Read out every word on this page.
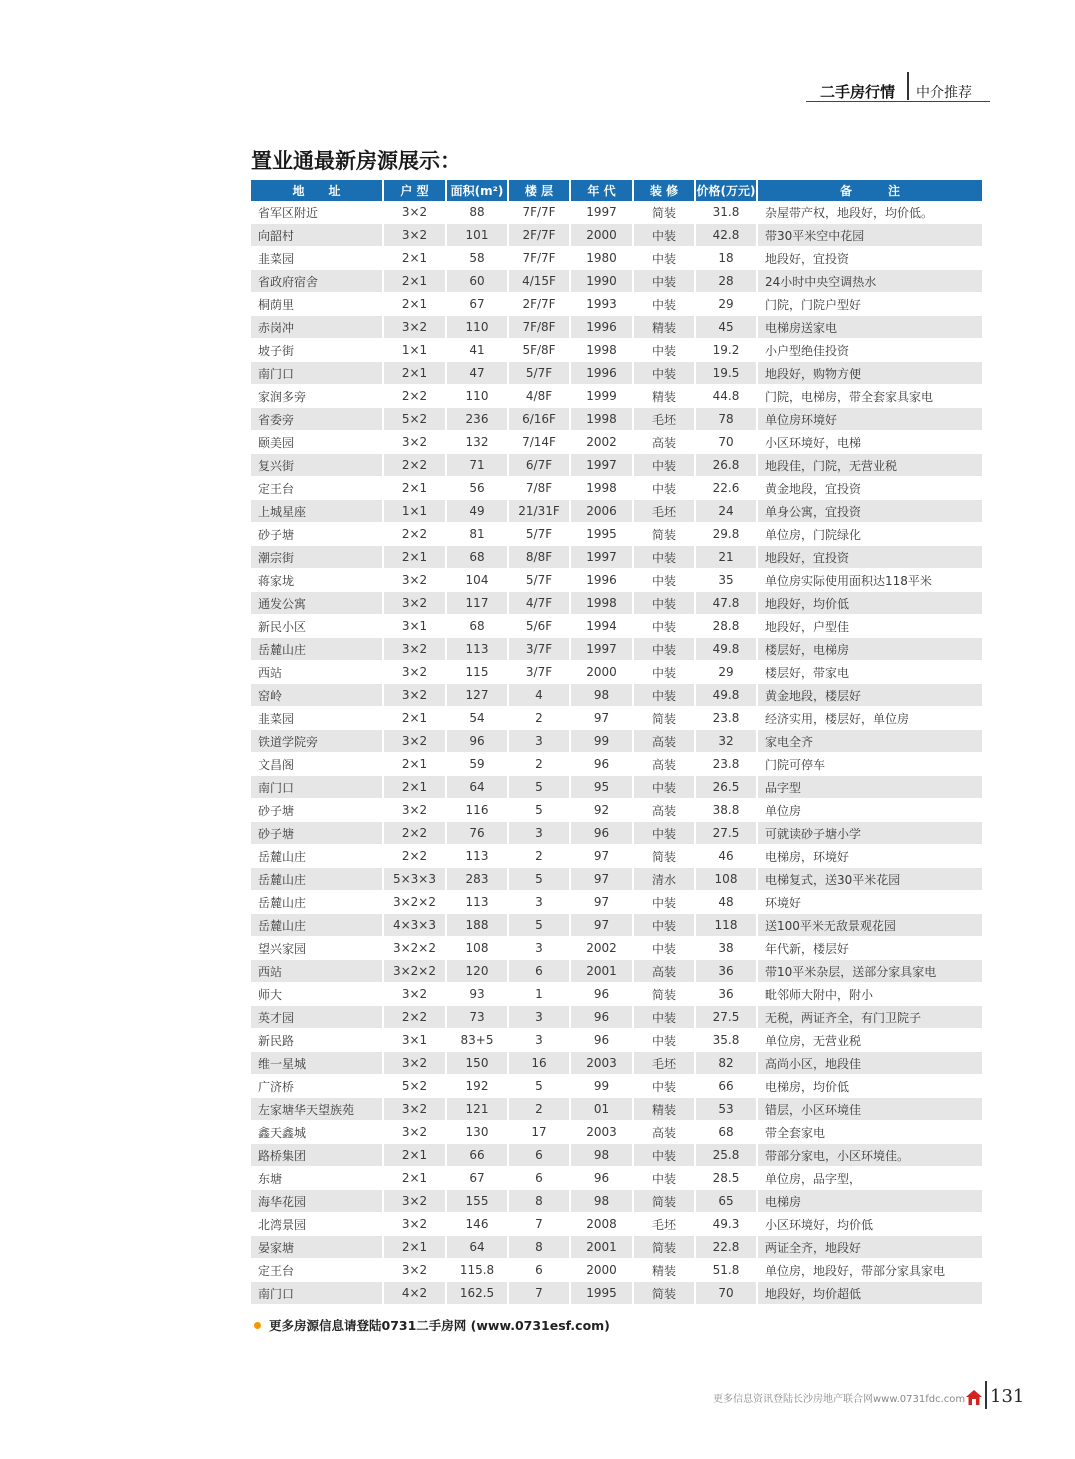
二手房行情 中介推荐
置业通最新房源展示：
地　　址	户 型	面积(m²)	楼 层	年 代	装 修	价格(万元)	备　　　注
省军区附近	3×2	88	7F/7F	1997	简装	31.8	杂屋带产权，地段好，均价低。
向韶村	3×2	101	2F/7F	2000	中装	42.8	带30平米空中花园
韭菜园	2×1	58	7F/7F	1980	中装	18	地段好，宜投资
省政府宿舍	2×1	60	4/15F	1990	中装	28	24小时中央空调热水
桐荫里	2×1	67	2F/7F	1993	中装	29	门院，门院户型好
赤岗冲	3×2	110	7F/8F	1996	精装	45	电梯房送家电
坡子街	1×1	41	5F/8F	1998	中装	19.2	小户型绝佳投资
南门口	2×1	47	5/7F	1996	中装	19.5	地段好，购物方便
家润多旁	2×2	110	4/8F	1999	精装	44.8	门院，电梯房，带全套家具家电
省委旁	5×2	236	6/16F	1998	毛坯	78	单位房环境好
颐美园	3×2	132	7/14F	2002	高装	70	小区环境好，电梯
复兴街	2×2	71	6/7F	1997	中装	26.8	地段佳，门院，无营业税
定王台	2×1	56	7/8F	1998	中装	22.6	黄金地段，宜投资
上城星座	1×1	49	21/31F	2006	毛坯	24	单身公寓，宜投资
砂子塘	2×2	81	5/7F	1995	简装	29.8	单位房，门院绿化
潮宗街	2×1	68	8/8F	1997	中装	21	地段好，宜投资
蒋家垅	3×2	104	5/7F	1996	中装	35	单位房实际使用面积达118平米
通发公寓	3×2	117	4/7F	1998	中装	47.8	地段好，均价低
新民小区	3×1	68	5/6F	1994	中装	28.8	地段好，户型佳
岳麓山庄	3×2	113	3/7F	1997	中装	49.8	楼层好，电梯房
西站	3×2	115	3/7F	2000	中装	29	楼层好，带家电
窑岭	3×2	127	4	98	中装	49.8	黄金地段，楼层好
韭菜园	2×1	54	2	97	简装	23.8	经济实用，楼层好，单位房
铁道学院旁	3×2	96	3	99	高装	32	家电全齐
文昌阁	2×1	59	2	96	高装	23.8	门院可停车
南门口	2×1	64	5	95	中装	26.5	品字型
砂子塘	3×2	116	5	92	高装	38.8	单位房
砂子塘	2×2	76	3	96	中装	27.5	可就读砂子塘小学
岳麓山庄	2×2	113	2	97	简装	46	电梯房，环境好
岳麓山庄	5×3×3	283	5	97	清水	108	电梯复式，送30平米花园
岳麓山庄	3×2×2	113	3	97	中装	48	环境好
岳麓山庄	4×3×3	188	5	97	中装	118	送100平米无敌景观花园
望兴家园	3×2×2	108	3	2002	中装	38	年代新，楼层好
西站	3×2×2	120	6	2001	高装	36	带10平米杂层，送部分家具家电
师大	3×2	93	1	96	简装	36	毗邻师大附中，附小
英才园	2×2	73	3	96	中装	27.5	无税，两证齐全，有门卫院子
新民路	3×1	83+5	3	96	中装	35.8	单位房，无营业税
维一星城	3×2	150	16	2003	毛坯	82	高尚小区，地段佳
广济桥	5×2	192	5	99	中装	66	电梯房，均价低
左家塘华天望族苑	3×2	121	2	01	精装	53	错层，小区环境佳
鑫天鑫城	3×2	130	17	2003	高装	68	带全套家电
路桥集团	2×1	66	6	98	中装	25.8	带部分家电，小区环境佳。
东塘	2×1	67	6	96	中装	28.5	单位房，品字型，
海华花园	3×2	155	8	98	简装	65	电梯房
北湾景园	3×2	146	7	2008	毛坯	49.3	小区环境好，均价低
晏家塘	2×1	64	8	2001	简装	22.8	两证全齐，地段好
定王台	3×2	115.8	6	2000	精装	51.8	单位房，地段好，带部分家具家电
南门口	4×2	162.5	7	1995	简装	70	地段好，均价超低
更多房源信息请登陆0731二手房网 (www.0731esf.com)
更多信息资讯登陆长沙房地产联合网www.0731fdc.com 131
